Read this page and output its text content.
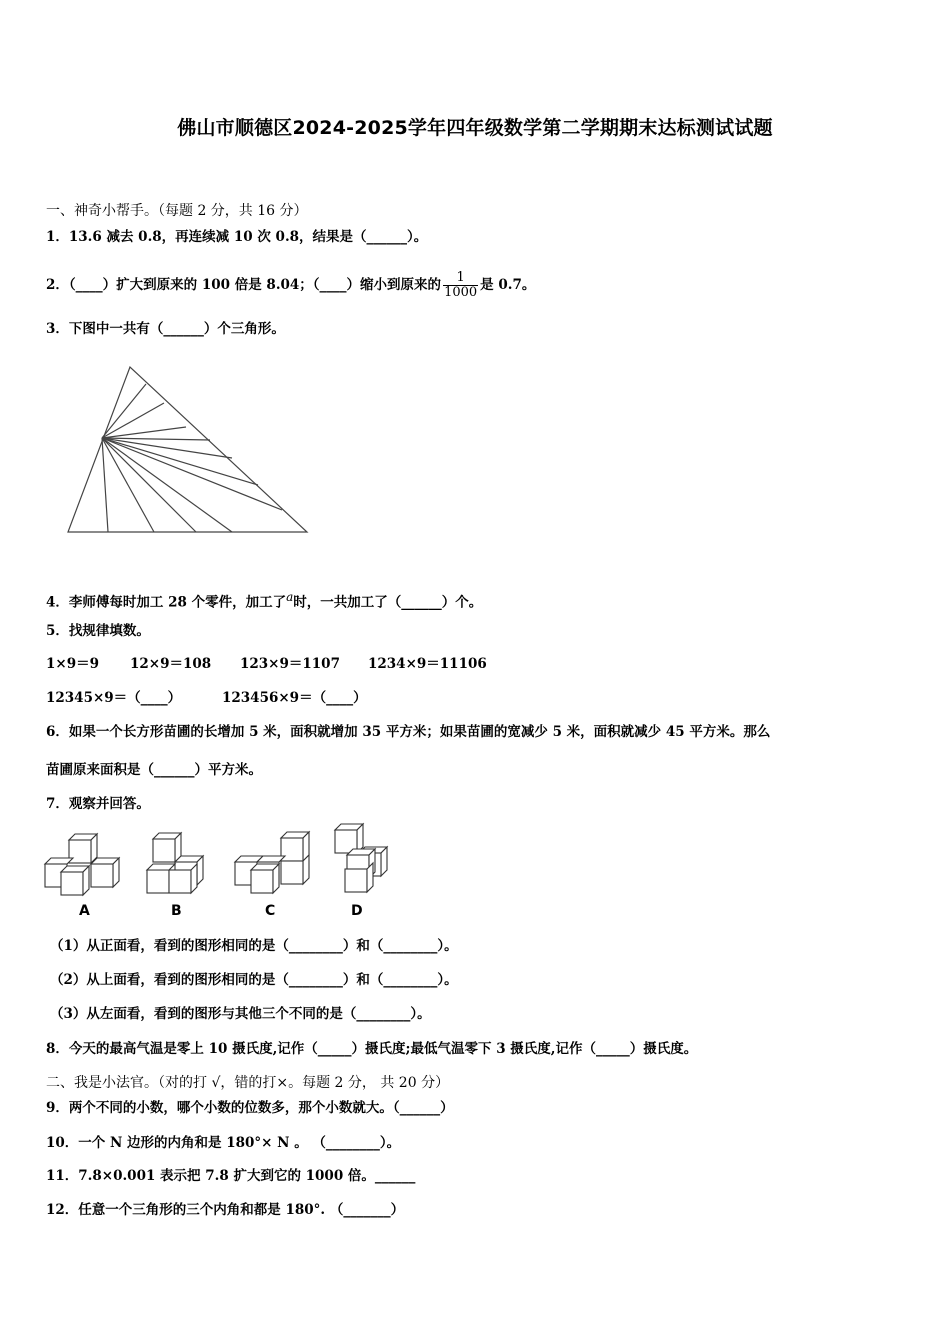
佛山市顺德区2024-2025学年四年级数学第二学期期末达标测试试题
一、神奇小帮手。（每题 2 分，共 16 分）
1．13.6 减去 0.8，再连续减 10 次 0.8，结果是（______）。
2．（____）扩大到原来的 100 倍是 8.04；（____）缩小到原来的 $\frac{1}{1000}$ 是 0.7。
3．下图中一共有（______）个三角形。
4．李师傅每时加工 28 个零件，加工了a时，一共加工了（______）个。
5．找规律填数。
1×9＝9 12×9＝108 123×9＝1107 1234×9＝11106
12345×9＝（____）	123456×9＝（____）
6．如果一个长方形苗圃的长增加 5 米，面积就增加 35 平方米；如果苗圃的宽减少 5 米，面积就减少 45 平方米。那么
苗圃原来面积是（______）平方米。
7．观察并回答。
A	B	C	D
（1）从正面看，看到的图形相同的是（________）和（________）。
（2）从上面看，看到的图形相同的是（________）和（________）。
（3）从左面看，看到的图形与其他三个不同的是（________）。
8．今天的最高气温是零上 10 摄氏度,记作（_____）摄氏度;最低气温零下 3 摄氏度,记作（_____）摄氏度。
二、我是小法官。（对的打 √，错的打×。每题 2 分， 共 20 分）
9．两个不同的小数，哪个小数的位数多，那个小数就大。（______）
10．一个 N 边形的内角和是 180°× N 。 （________）。
11．7.8×0.001 表示把 7.8 扩大到它的 1000 倍。______
12．任意一个三角形的三个内角和都是 180°. （_______）
